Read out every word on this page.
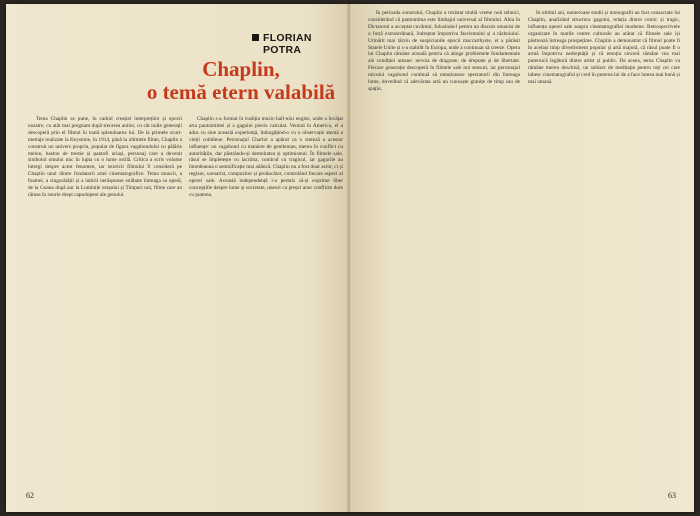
FLORIAN
POTRA
Chaplin,
o temă etern valabilă

Tema Chaplin se pune, în cadrul creației interpreților și epocii noastre, cu atât mai pregnant după trecerea anilor, cu cât noile generații descoperă prin el filmul în toată splendoarea lui. De la primele scurt-metraje realizate la Keystone, în 1914, până la ultimele filme, Chaplin a construit un univers propriu, populat de figura vagabondului cu pălărie melon, baston de trestie și pantofi uriași, personaj care a devenit simbolul omului mic în lupta cu o lume ostilă. Critica a scris volume întregi despre acest fenomen, iar istoricii filmului îl consideră pe Chaplin unul dintre fondatorii artei cinematografice. Tema muncii, a foamei, a singurătății și a iubirii nerăspunse străbate întreaga sa operă, de la Goana după aur la Luminile orașului și Timpuri noi, filme care au rămas în istorie drept capodopere ale genului.

Chaplin s-a format în tradiția music-hall-ului englez, unde a învățat arta pantomimei și a gagului precis calculat. Venind în America, el a adus cu sine această experiență, îmbogățind-o cu o observație atentă a vieții cotidiene. Personajul Charlot a apărut ca o sinteză a acestor influențe: un vagabond cu maniere de gentleman, mereu în conflict cu autoritățile, dar păstrându-și demnitatea și optimismul. În filmele sale, râsul se împletește cu lacrima, comicul cu tragicul, iar gagurile au întotdeauna o semnificație mai adâncă. Chaplin nu a fost doar actor, ci și regizor, scenarist, compozitor și producător, controlând fiecare aspect al operei sale. Această independență i-a permis să-și exprime liber concepțiile despre lume și societate, uneori cu prețul unor conflicte dure cu puterea.

62

În perioada sonorului, Chaplin a rezistat multă vreme noii tehnici, considerând că pantomima este limbajul universal al filmului. Abia în Dictatorul a acceptat cuvântul, folosindu-l pentru un discurs umanist de o forță extraordinară, îndreptat împotriva fascismului și a războiului. Urmărit mai târziu de suspiciunile epocii maccarthyste, el a părăsit Statele Unite și s-a stabilit în Europa, unde a continuat să creeze. Opera lui Chaplin rămâne actuală pentru că atinge problemele fundamentale ale condiției umane: nevoia de dragoste, de dreptate și de libertate. Fiecare generație descoperă în filmele sale noi sensuri, iar personajul micului vagabond continuă să emoționeze spectatorii din întreaga lume, dovedind că adevărata artă nu cunoaște granițe de timp sau de spațiu.

În ultimii ani, numeroase studii și monografii au fost consacrate lui Chaplin, analizând structura gagului, relația dintre comic și tragic, influența operei sale asupra cinematografiei moderne. Retrospectivele organizate în marile centre culturale au arătat că filmele sale își păstrează întreaga prospețime. Chaplin a demonstrat că filmul poate fi în același timp divertisment popular și artă majoră, că râsul poate fi o armă împotriva nedreptății și că emoția sinceră rămâne cea mai puternică legătură dintre artist și public. De aceea, tema Chaplin va rămâne mereu deschisă, un subiect de meditație pentru toți cei care iubesc cinematograful și cred în puterea lui de a face lumea mai bună și mai umană.

63
